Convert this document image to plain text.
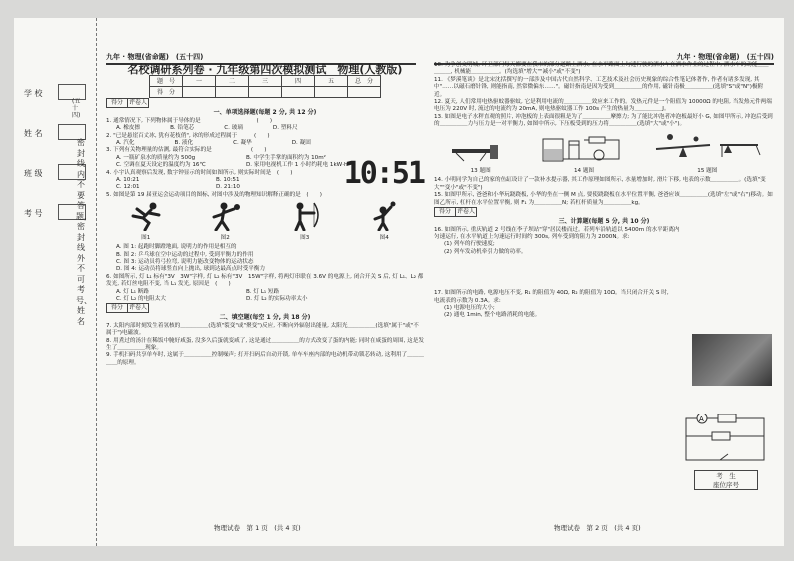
学 校
姓 名
班 级
考 号
(五十四)
密封线内不要答题，密封线外不可考号、姓名
九年 · 物理(省命题)　(五十四)	九年 · 物理(省命题)　(五十四)
名校调研系列卷 · 九年级第四次模拟测试　物理(人教版)
题　号	一	二	三	四	五	总　分
得　分						
得分 评卷人
一、单项选择题(每题 2 分, 共 12 分)

1. 通常情况下, 下列物体属于导体的是　　　　　　　　　　(　　)

A. 橡皮擦	B. 铅笔芯	C. 玻璃	D. 塑料尺

2. "已是悬崖百丈冰, 犹有花枝俏", 冰的形成过程属于　　　(　　)

A. 汽化	B. 液化	C. 凝华	D. 凝固

3. 下列有关物理量的估测, 最符合实际的是　　　　　　　(　　)

A. 一瓶矿泉水的质量约为 500g	B. 中学生手掌的面积约为 10m²
C. 空调在夏天设定的温度约为 16℃	D. 家用电视机工作 1 小时约耗电 1kW·h

4. 小宇认真观察后发现, 数字钟显示的时间如图所示, 则实际时间是　(　　)

A. 10:21	B. 10:51
C. 12:01	D. 21:10	10:51

5. 如图是第 19 届亚运会运动项目的图标, 对图中涉及的物理知识解释正确的是　(　　)

图1	图2	图3	图4
A. 图 1: 起跑时脚蹬地面, 说明力的作用是相互的
B. 图 2: 乒乓球在空中运动的过程中, 受到平衡力的作用
C. 图 3: 运动员将弓拉弯, 说明力能改变物体的运动状态
D. 图 4: 运动员将球竖直向上抛出, 球到达最高点时受平衡力

6. 如图所示, 灯 L₁ 标有"3V　3W"字样, 灯 L₂ 标有"3V　15W"字样, 将两灯串联在 3.6V 的电源上, 闭合开关 S 后, 灯 L₁、L₂ 都发光, 若灯丝电阻不变, 当 L₁ 发光, 原因是　(　　)

A. 灯 L₁ 断路	B. 灯 L₁ 短路
C. 灯 L₂ 的电阻太大	D. 灯 L₂ 的实际功率太小
得分 评卷人
二、填空题(每空 1 分, 共 18 分)

7. 太阳内部时刻发生着氢核的＿＿＿＿＿(选填"裂变"或"聚变")反应, 不断向外辐射出能量, 太阳光＿＿＿＿＿(选填"属于"或"不属于")电磁波。

8. 用煮过的汤汁在稀饭中腌好咸蛋, 没多久后蛋就变咸了, 这是通过＿＿＿＿＿的方式改变了蛋的内能; 同时在咸蛋的周围, 这是发生了＿＿＿＿＿现象。

9. 手机扫码共享单车时, 这属于＿＿＿＿＿控制噪声; 打开扫码后自动开锁, 单车车座内部的电动机带动锁芯转动, 这利用了＿＿＿＿＿的原理。

物理试卷　第 1 页　(共 4 页)

10. 为争创文明城, 环卫部门每天都要在我市的部分道路上洒水, 在水平路面上匀速行驶的洒水车在洒水作业的过程中, 洒水车的动能＿＿＿＿＿, 机械能＿＿＿＿＿。(均选填"增大""减小"或"不变")

11. 《梦溪笔谈》是北宋沈括撰写的一部涉及中国古代自然科学、工艺技术及社会历史现象的综合性笔记体著作, 作者有诸多发现, 其中"……以磁石磨针锋, 则能指南, 然常微偏东……"。磁针指南是因为受到＿＿＿＿＿的作用, 磁针南极＿＿＿＿＿(选填"S"或"N")极附近。

12. 夏天, 人们常用电热驱蚊器驱蚊, 它是利用电流的＿＿＿＿＿效应来工作的。发热元件是一个阻值为 10000Ω 的电阻, 当发热元件两端电压为 220V 时, 流过的电流约为 20mA, 则电热驱蚊器工作 100s 产生的热量为＿＿＿＿＿J。

13. 如图是电子水秤直观的照片, 冲泡板的上表面很粗是为了＿＿＿＿＿摩擦力; 为了能比冲泡者冲泡板最好小 G, 如图甲所示, 冲泡后受到的＿＿＿＿＿力与压力是一对平衡力, 如图中所示, 下压板受到的压力将＿＿＿＿＿(选填"大"或"小")。

13 题图	14 题图	15 题图

14. 小明同学为自己的家的鱼缸设计了一款补水提示器, 其工作原理如图所示, 水量增加时, 滑片下移, 电表的示数＿＿＿＿＿。(选填"变大""变小"或"不变")

15. 如图甲所示, 爸爸和小华玩跷跷板, 小华的坐在一侧 M 点, 要使跷跷板在水平位置平衡, 爸爸应该＿＿＿＿＿(选填"左"或"右")移动。如图乙所示, 杠杆在水平位置平衡, 则 F₁ 为＿＿＿＿＿N; 若杠杆质量为＿＿＿＿＿kg。

得分 评卷人
三、计算题(每题 5 分, 共 10 分)

16. 如图所示, 重庆轨道 2 号线在李子坝站"穿"居民楼而过。若列车沿轨道以 5400m 的水平距离内匀速运行, 在水平轨道上匀速运行时间约 300s, 列车受到的阻力为 2000N。求:

(1) 列车的行驶速度;
(2) 列车发动机牵引力做的功率。

17. 如图所示的电路, 电源电压不变, R₁ 的阻值为 40Ω, R₂ 的阻值为 10Ω。当只闭合开关 S 时, 电流表的示数为 0.3A。求:

(1) 电源电压的大小;
(2) 通电 1min, 整个电路消耗的电能。
A
考　生
座位序号
物理试卷　第 2 页　(共 4 页)
